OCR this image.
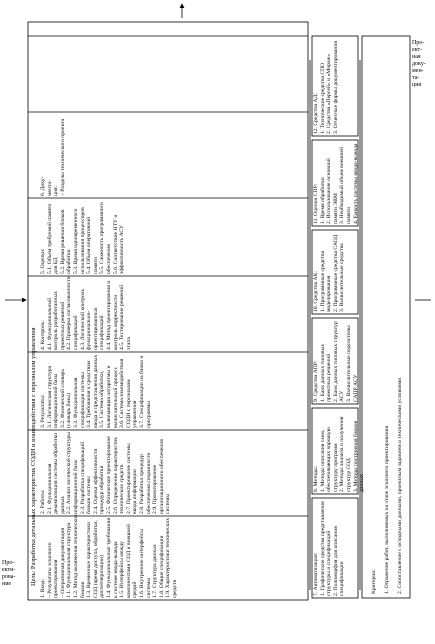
Цель: Разработка детальных характеристик СОДИ и взаимодействия с персоналом управления
Про-
екти-
рова-
ние
Про-
ект-
ная
доку-
мен-
та-
ция
1. Вход:
– Результаты эскизного проектирования
– Оперативная документация
1.1. Функциональная структура
1.2. Метод включения технических блоков
1.3. Временные характеристики СОД (время доступа, обработки, диспетчеризации)
1.4. Функциональные требования к системе ввода-вывода
1.5. Интерфейсы между компонентами СОД и внешней средой
1.6. Внутренние интерфейсы системы
1.7. Структура данных
1.8. Общие спецификации
1.9. Характеристики технических средств
2. Работы:
2.1. Функциональная декомпозиция системы обработки данных
2.2. Анализ логической структуры информационной базы
2.3. Разработка спецификаций блоков системы
2.4. Оценка эффективности процедур обработки
2.5. Физическое проектирование
2.6. Определение характеристик технических средств
2.7. Проектирование системы ввода информации
2.8. Разработка процедур обеспечения сохранности
2.9. Проектирование организационного обеспечения системы
3. Результаты:
3.1. Логическая структура информационной базы
3.2. Физический словарь (словарь базы)
3.3. Функциональная спецификация системы
3.4. Требования к средствам ввода и представления данных
3.5. Система обработки, включающая алгоритмы и вычислительный процесс
3.6. Система взаимодействия СОДИ с персоналом управления
3.7. Спецификации на блоки и программы
4. Контроль:
4.1. Функциональный контроль разработанных проектных решений
4.2. Проверка согласованности спецификаций
4.3. Логический контроль функционально-ориентированных спецификаций
4.4. Метод проектирования и контроль корректности
4.5. Тестирование решений этапа
5. Оценки:
5.1. Объем требуемой памяти для БД
5.2. Время решения блоков обработки
5.3. Время одновременного использования процессоров
5.4. Объем оперативной памяти
5.5. Сложность программного обеспечения
5.6. Соответствие НТУ и эффективность АСУ
6. Доку-
мента-
ция:
– Разделы технического проекта
7. Автоматизация:
1. Графические средства представления структуры и спецификаций
2. Полиморфия для описания спецификации
8. Методы:
1. Методы описания схем, обеспечивающих хорошую структуру программ
2. Методы анализа и получения структур СОД
3. Методы построения блоков данных
9. Средства АПР:
1. Банк данных типовых проектных решений
2. Банк данных типовых структур АСУ
3. Вычислительные подсистемы САПР АСУ
10. Средства АК:
1. Программные средства моделирования
2. Программные средства САОД
3. Вычислительные средства
11. Оценки СПР:
1. Время обработки
2. Использование основной памяти ЭВМ
3. Необходимый объем внешней памяти
4. Емкость системы ввода-вывода
12. Средства АД:
1. Технические средства СПО
2. Средства «Персей» и «Мираж»
3. Отчетные формы документирования

Критерии: 1. Отражение работ, выполняемых на этапе эскизного проектирования 2. Сопоставление с исходными данными, проектным заданием и техническими условиями
